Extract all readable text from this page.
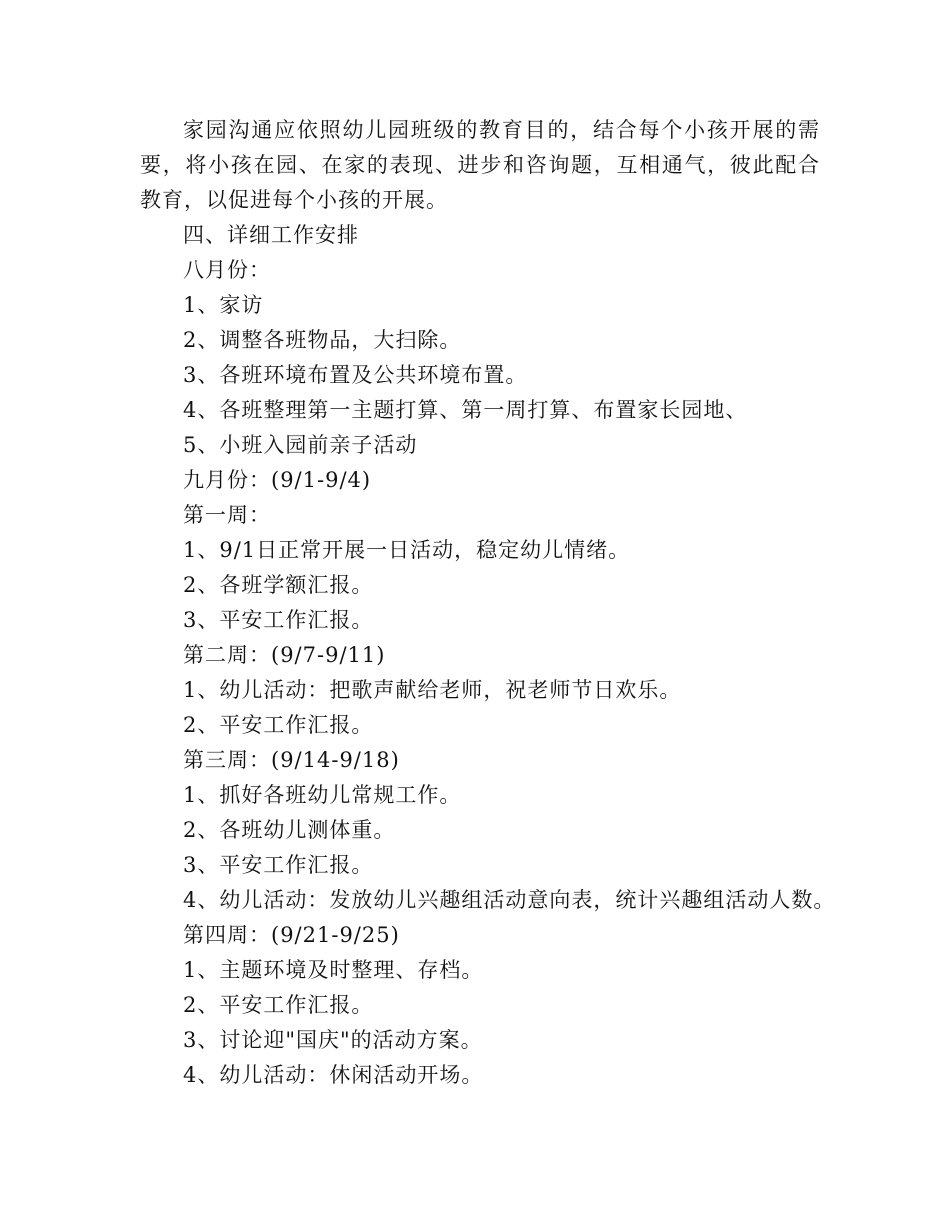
家园沟通应依照幼儿园班级的教育目的，结合每个小孩开展的需要，将小孩在园、在家的表现、进步和咨询题，互相通气，彼此配合教育，以促进每个小孩的开展。

四、详细工作安排
八月份：
1、家访
2、调整各班物品，大扫除。
3、各班环境布置及公共环境布置。
4、各班整理第一主题打算、第一周打算、布置家长园地、
5、小班入园前亲子活动
九月份：(9/1-9/4)
第一周：
1、9/1日正常开展一日活动，稳定幼儿情绪。
2、各班学额汇报。
3、平安工作汇报。
第二周：(9/7-9/11)
1、幼儿活动：把歌声献给老师，祝老师节日欢乐。
2、平安工作汇报。
第三周：(9/14-9/18)
1、抓好各班幼儿常规工作。
2、各班幼儿测体重。
3、平安工作汇报。
4、幼儿活动：发放幼儿兴趣组活动意向表，统计兴趣组活动人数。
第四周：(9/21-9/25)
1、主题环境及时整理、存档。
2、平安工作汇报。
3、讨论迎"国庆"的活动方案。
4、幼儿活动：休闲活动开场。
